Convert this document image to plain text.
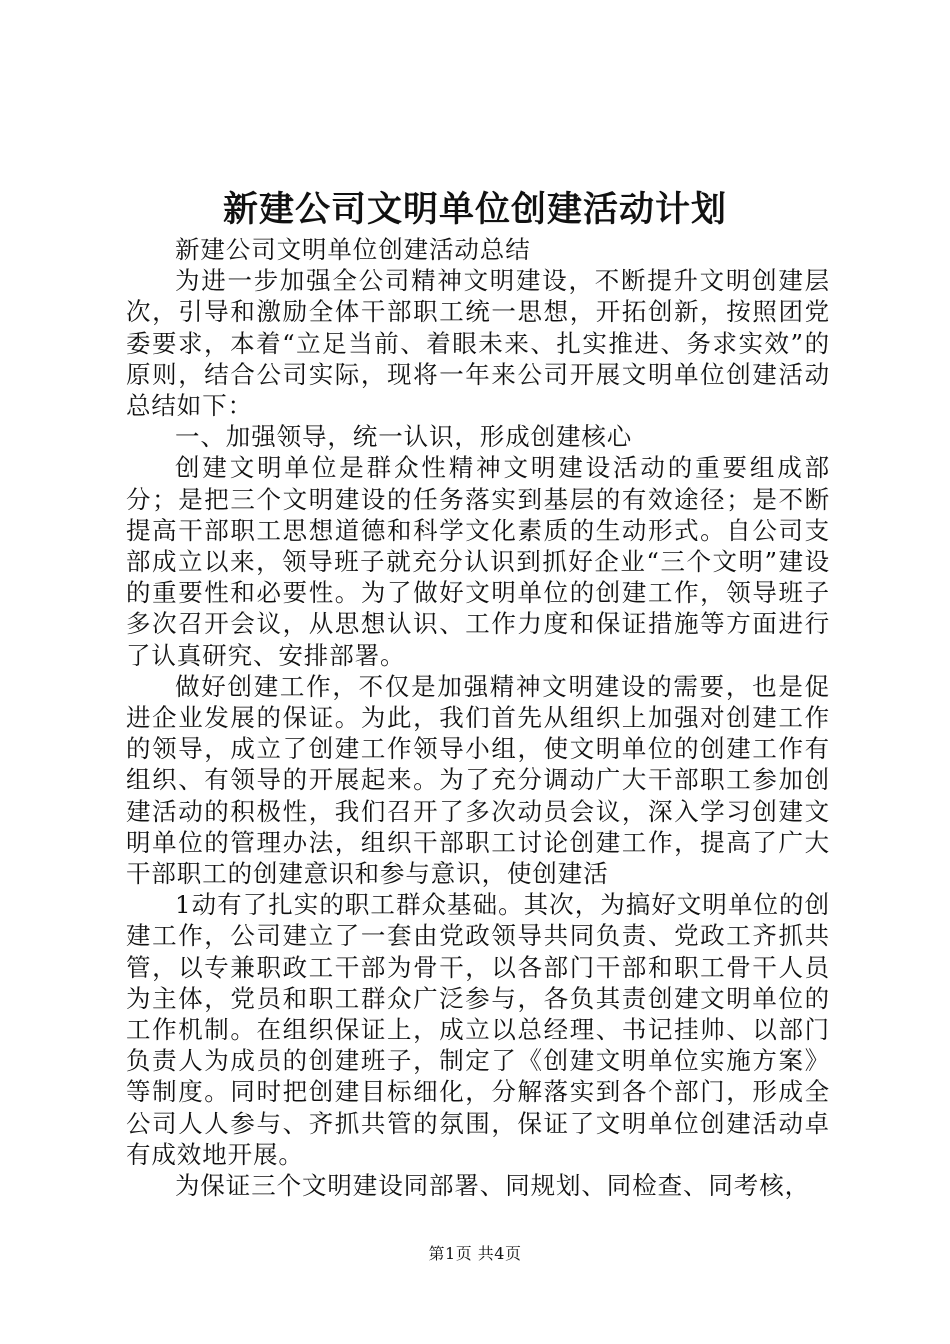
新建公司文明单位创建活动计划

新建公司文明单位创建活动总结

为进一步加强全公司精神文明建设，不断提升文明创建层次，引导和激励全体干部职工统一思想，开拓创新，按照团党委要求，本着“立足当前、着眼未来、扎实推进、务求实效”的原则，结合公司实际，现将一年来公司开展文明单位创建活动总结如下：

一、加强领导，统一认识，形成创建核心

创建文明单位是群众性精神文明建设活动的重要组成部分；是把三个文明建设的任务落实到基层的有效途径；是不断提高干部职工思想道德和科学文化素质的生动形式。自公司支部成立以来，领导班子就充分认识到抓好企业“三个文明”建设的重要性和必要性。为了做好文明单位的创建工作，领导班子多次召开会议，从思想认识、工作力度和保证措施等方面进行了认真研究、安排部署。

做好创建工作，不仅是加强精神文明建设的需要，也是促进企业发展的保证。为此，我们首先从组织上加强对创建工作的领导，成立了创建工作领导小组，使文明单位的创建工作有组织、有领导的开展起来。为了充分调动广大干部职工参加创建活动的积极性，我们召开了多次动员会议，深入学习创建文明单位的管理办法，组织干部职工讨论创建工作，提高了广大干部职工的创建意识和参与意识，使创建活

1动有了扎实的职工群众基础。其次，为搞好文明单位的创建工作，公司建立了一套由党政领导共同负责、党政工齐抓共管，以专兼职政工干部为骨干，以各部门干部和职工骨干人员为主体，党员和职工群众广泛参与，各负其责创建文明单位的工作机制。在组织保证上，成立以总经理、书记挂帅、以部门负责人为成员的创建班子，制定了《创建文明单位实施方案》等制度。同时把创建目标细化，分解落实到各个部门，形成全公司人人参与、齐抓共管的氛围，保证了文明单位创建活动卓有成效地开展。

为保证三个文明建设同部署、同规划、同检查、同考核，

第1页 共4页
